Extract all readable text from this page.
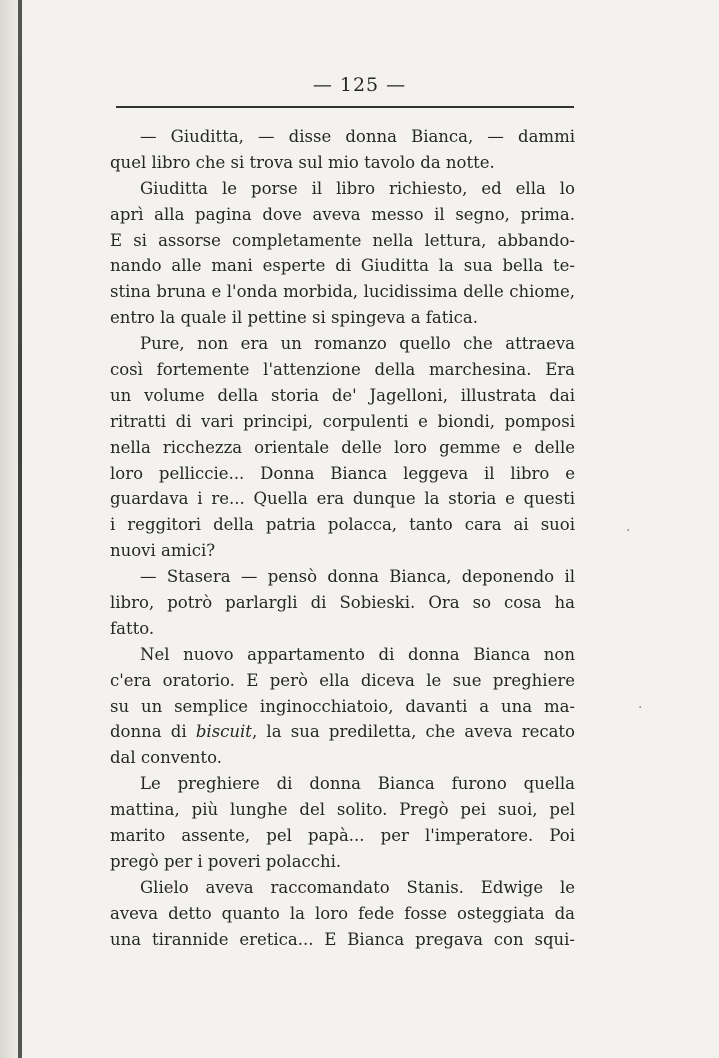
— 125 —
— Giuditta, — disse donna Bianca, — dammi
quel libro che si trova sul mio tavolo da notte.
Giuditta le porse il libro richiesto, ed ella lo
aprì alla pagina dove aveva messo il segno, prima.
E si assorse completamente nella lettura, abbando-
nando alle mani esperte di Giuditta la sua bella te-
stina bruna e l'onda morbida, lucidissima delle chiome,
entro la quale il pettine si spingeva a fatica.
Pure, non era un romanzo quello che attraeva
così fortemente l'attenzione della marchesina. Era
un volume della storia de' Jagelloni, illustrata dai
ritratti di vari principi, corpulenti e biondi, pomposi
nella ricchezza orientale delle loro gemme e delle
loro pelliccie... Donna Bianca leggeva il libro e
guardava i re... Quella era dunque la storia e questi
i reggitori della patria polacca, tanto cara ai suoi
nuovi amici?
— Stasera — pensò donna Bianca, deponendo il
libro, potrò parlargli di Sobieski. Ora so cosa ha
fatto.
Nel nuovo appartamento di donna Bianca non
c'era oratorio. E però ella diceva le sue preghiere
su un semplice inginocchiatoio, davanti a una ma-
donna di biscuit, la sua prediletta, che aveva recato
dal convento.
Le preghiere di donna Bianca furono quella
mattina, più lunghe del solito. Pregò pei suoi, pel
marito assente, pel papà... per l'imperatore. Poi
pregò per i poveri polacchi.
Glielo aveva raccomandato Stanis. Edwige le
aveva detto quanto la loro fede fosse osteggiata da
una tirannide eretica... E Bianca pregava con squi-
·
·
